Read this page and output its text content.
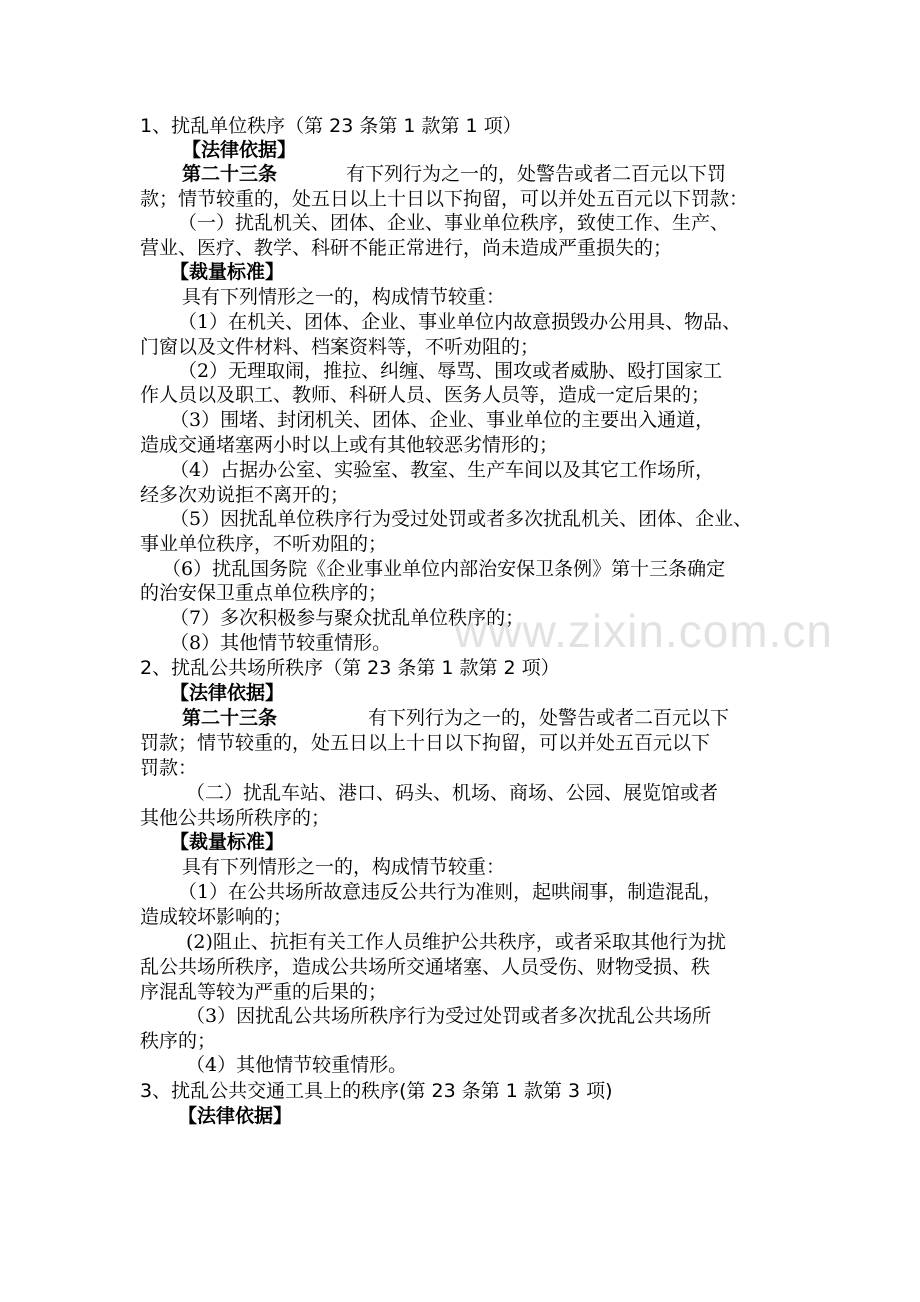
1、扰乱单位秩序（第 23 条第 1 款第 1 项）
【法律依据】
第二十三条	有下列行为之一的，处警告或者二百元以下罚
款；情节较重的，处五日以上十日以下拘留，可以并处五百元以下罚款：
（一）扰乱机关、团体、企业、事业单位秩序，致使工作、生产、
营业、医疗、教学、科研不能正常进行，尚未造成严重损失的；
【裁量标准】
具有下列情形之一的，构成情节较重：
（1）在机关、团体、企业、事业单位内故意损毁办公用具、物品、
门窗以及文件材料、档案资料等，不听劝阻的；
（2）无理取闹，推拉、纠缠、辱骂、围攻或者威胁、殴打国家工
作人员以及职工、教师、科研人员、医务人员等，造成一定后果的；
（3）围堵、封闭机关、团体、企业、事业单位的主要出入通道，
造成交通堵塞两小时以上或有其他较恶劣情形的；
（4）占据办公室、实验室、教室、生产车间以及其它工作场所，
经多次劝说拒不离开的；
（5）因扰乱单位秩序行为受过处罚或者多次扰乱机关、团体、企业、
事业单位秩序，不听劝阻的；
（6）扰乱国务院《企业事业单位内部治安保卫条例》第十三条确定
的治安保卫重点单位秩序的；
（7）多次积极参与聚众扰乱单位秩序的；
（8）其他情节较重情形。
2、扰乱公共场所秩序（第 23 条第 1 款第 2 项）
【法律依据】
第二十三条	有下列行为之一的，处警告或者二百元以下
罚款；情节较重的，处五日以上十日以下拘留，可以并处五百元以下
罚款：
（二）扰乱车站、港口、码头、机场、商场、公园、展览馆或者
其他公共场所秩序的；
【裁量标准】
具有下列情形之一的，构成情节较重：
（1）在公共场所故意违反公共行为准则，起哄闹事，制造混乱，
造成较坏影响的；
(2)阻止、抗拒有关工作人员维护公共秩序，或者采取其他行为扰
乱公共场所秩序，造成公共场所交通堵塞、人员受伤、财物受损、秩
序混乱等较为严重的后果的；
（3）因扰乱公共场所秩序行为受过处罚或者多次扰乱公共场所
秩序的；
（4）其他情节较重情形。
3、扰乱公共交通工具上的秩序(第 23 条第 1 款第 3 项)
【法律依据】
www.zixin.com.cn
